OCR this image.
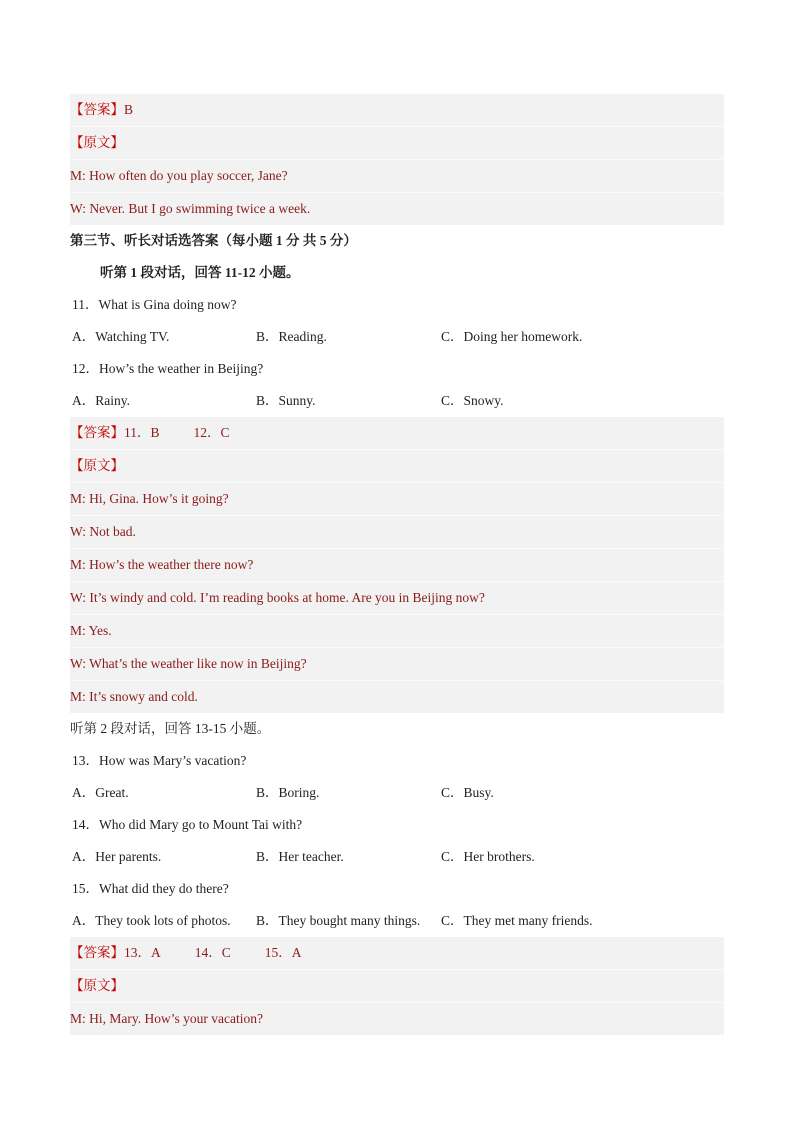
【答案】B
【原文】
M: How often do you play soccer, Jane?
W: Never. But I go swimming twice a week.
第三节、听长对话选答案（每小题 1 分 共 5 分）
听第 1 段对话，回答 11-12 小题。
11．What is Gina doing now?
A．Watching TV.	B．Reading.	C．Doing her homework.
12．How’s the weather in Beijing?
A．Rainy.	B．Sunny.	C．Snowy.
【答案】11．B	12．C
【原文】
M: Hi, Gina. How’s it going?
W: Not bad.
M: How’s the weather there now?
W: It’s windy and cold. I’m reading books at home. Are you in Beijing now?
M: Yes.
W: What’s the weather like now in Beijing?
M: It’s snowy and cold.
听第 2 段对话，回答 13-15 小题。
13．How was Mary’s vacation?
A．Great.	B．Boring.	C．Busy.
14．Who did Mary go to Mount Tai with?
A．Her parents.	B．Her teacher.	C．Her brothers.
15．What did they do there?
A．They took lots of photos. B．They bought many things. C．They met many friends.
【答案】13．A	14．C	15．A
【原文】
M: Hi, Mary. How’s your vacation?
